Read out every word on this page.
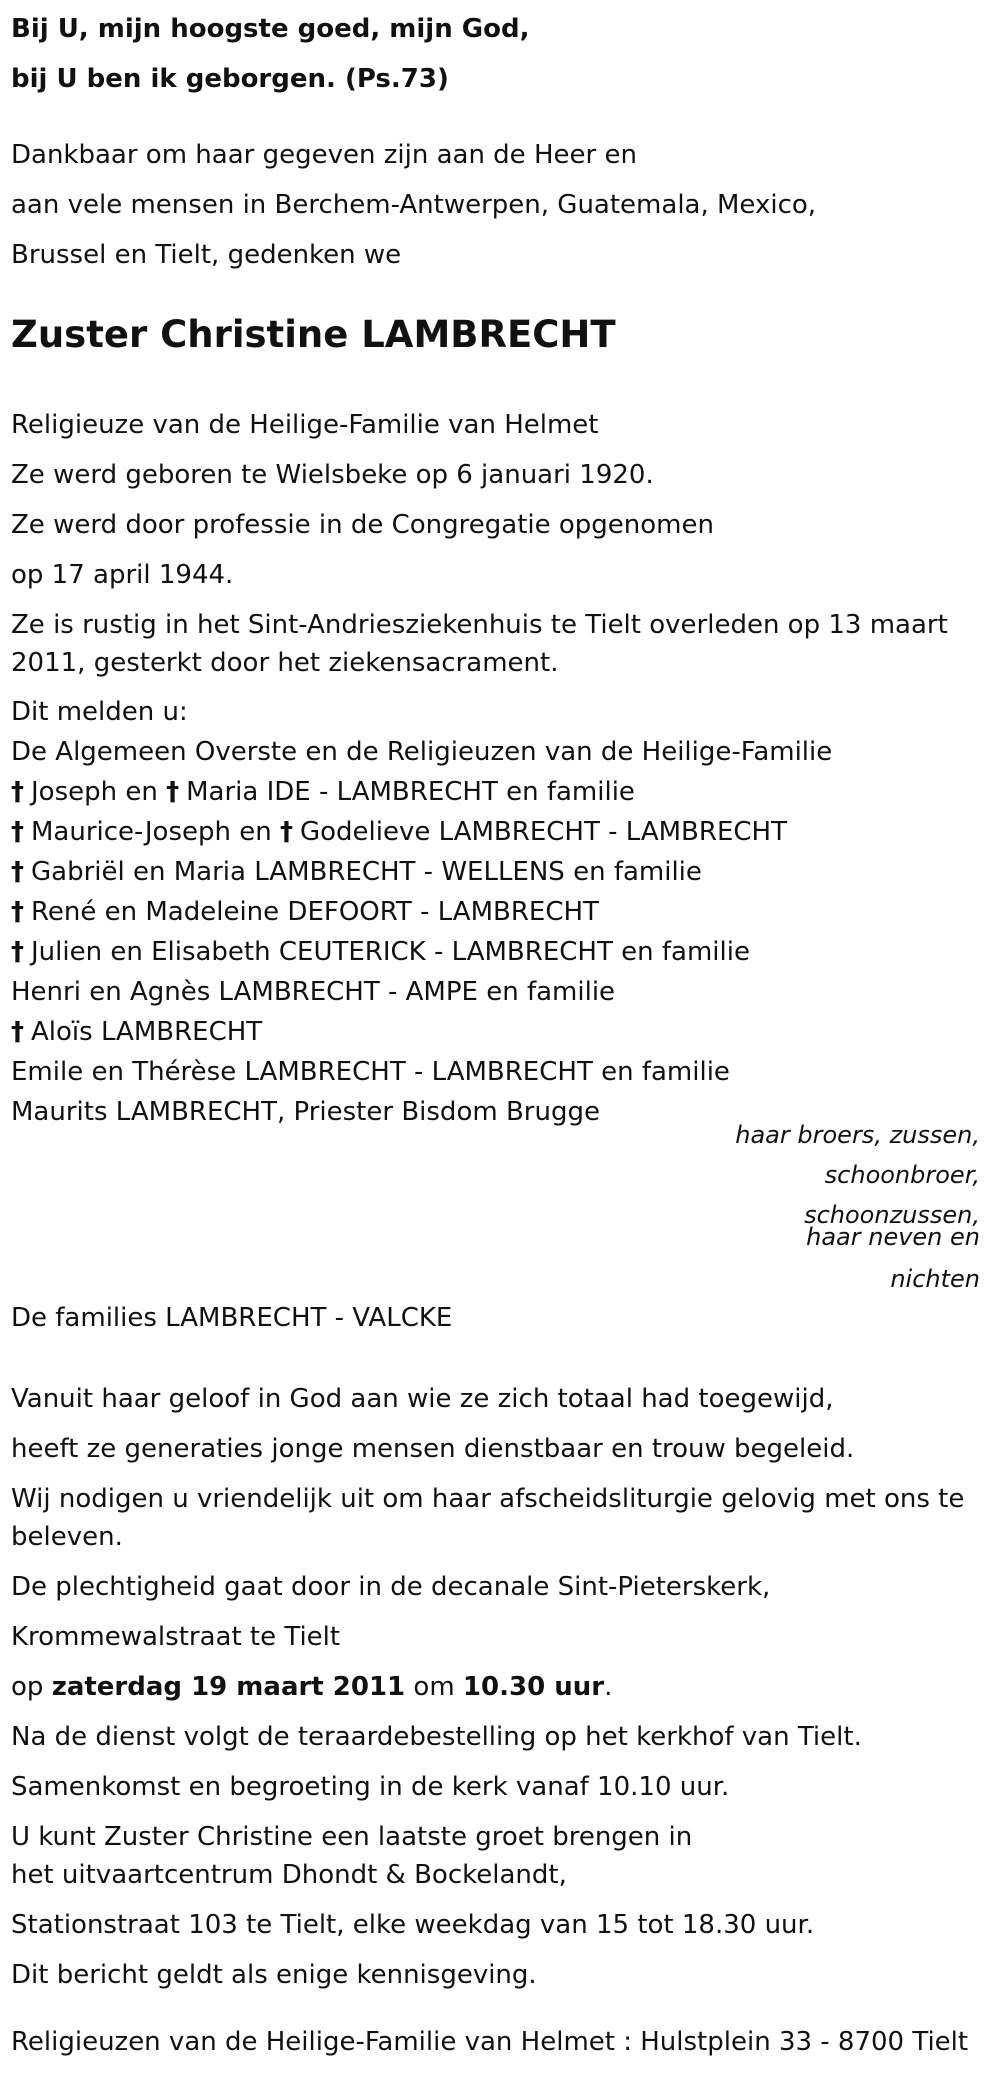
Bij U, mijn hoogste goed, mijn God,
bij U ben ik geborgen. (Ps.73)
Dankbaar om haar gegeven zijn aan de Heer en
aan vele mensen in Berchem-Antwerpen, Guatemala, Mexico,
Brussel en Tielt, gedenken we
Zuster Christine LAMBRECHT
Religieuze van de Heilige-Familie van Helmet
Ze werd geboren te Wielsbeke op 6 januari 1920.
Ze werd door professie in de Congregatie opgenomen
op 17 april 1944.
Ze is rustig in het Sint-Andriesziekenhuis te Tielt overleden op 13 maart 2011, gesterkt door het ziekensacrament.
Dit melden u:
De Algemeen Overste en de Religieuzen van de Heilige-Familie
† Joseph en † Maria IDE - LAMBRECHT en familie
† Maurice-Joseph en † Godelieve LAMBRECHT - LAMBRECHT
† Gabriël en Maria LAMBRECHT - WELLENS en familie
† René en Madeleine DEFOORT - LAMBRECHT
† Julien en Elisabeth CEUTERICK - LAMBRECHT en familie
Henri en Agnès LAMBRECHT - AMPE en familie
† Aloïs LAMBRECHT
Emile en Thérèse LAMBRECHT - LAMBRECHT en familie
Maurits LAMBRECHT, Priester Bisdom Brugge
haar broers, zussen,
schoonbroer,
schoonzussen,
haar neven en
nichten
De families LAMBRECHT - VALCKE
Vanuit haar geloof in God aan wie ze zich totaal had toegewijd,
heeft ze generaties jonge mensen dienstbaar en trouw begeleid.
Wij nodigen u vriendelijk uit om haar afscheidsliturgie gelovig met ons te beleven.
De plechtigheid gaat door in de decanale Sint-Pieterskerk,
Krommewalstraat te Tielt
op zaterdag 19 maart 2011 om 10.30 uur.
Na de dienst volgt de teraardebestelling op het kerkhof van Tielt.
Samenkomst en begroeting in de kerk vanaf 10.10 uur.
U kunt Zuster Christine een laatste groet brengen in het uitvaartcentrum Dhondt & Bockelandt,
Stationstraat 103 te Tielt, elke weekdag van 15 tot 18.30 uur.
Dit bericht geldt als enige kennisgeving.
Religieuzen van de Heilige-Familie van Helmet : Hulstplein 33 - 8700 Tielt
